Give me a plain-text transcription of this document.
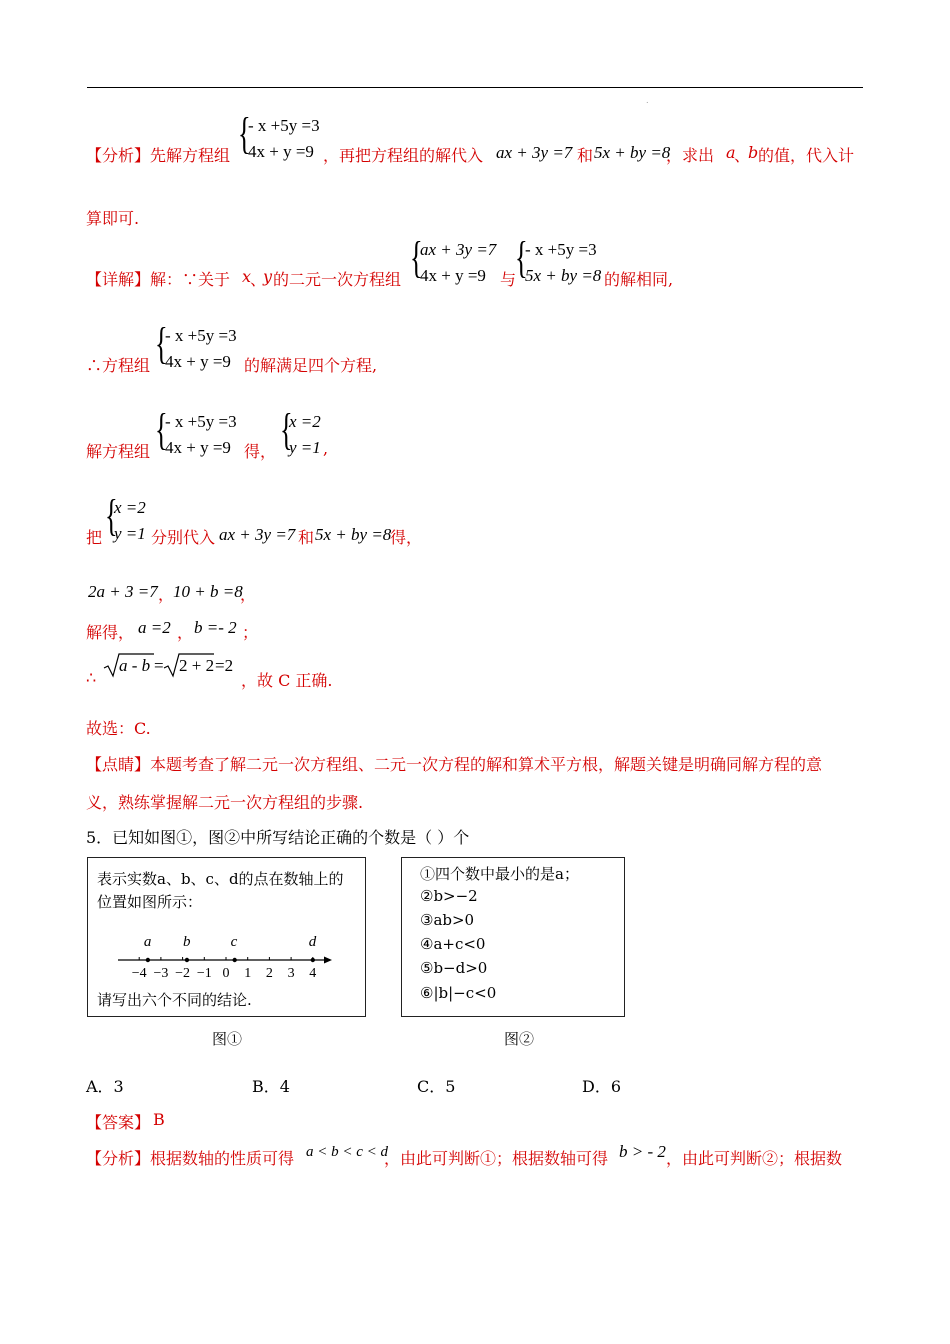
.
【分析】 先解方程组 {
- x +5y =3
4x + y =9 ，再把方程组的解代入 ax + 3y =7 和 5x + by =8
，求出 a
、
b 的值，代入计
算即可.
【详解】 解：∵关于 x
、
y 的二元一次方程组 {
ax + 3y =7
4x + y =9 与
{
- x +5y =3
5x + by =8 的解相同,
∴方程组 {
- x +5y =3
4x + y =9 的解满足四个方程,
解方程组 {
- x +5y =3
4x + y =9 得， {
x =2
y =1 ,
把 {
x =2
y =1 分别代入 ax + 3y =7 和 5x + by =8
得，
2a + 3 =7 ，
10 + b =8
，
解得， a =2 ， b =- 2 ；
∴
a - b = 2 + 2 =2
，故 C 正确.
故选：C.
【点睛】 本题考查了解二元一次方程组、二元一次方程的解和算术平方根，解题关键是明确同解方程的意
义，熟练掌握解二元一次方程组的步骤.
5．已知如图①，图②中所写结论正确的个数是（ ）个
表示实数a、b、c、d的点在数轴上的
位置如图所示：
−4 −3 −2 −1 0 1 2 3 4
请写出六个不同的结论.
a b	c	d
图①
①四个数中最小的是a；
②b>−2
③ab>0
④a+c<0
⑤b−d>0
⑥|b|−c<0
图②
A．3	B．4	C．5	D．6
【答案】 B
【分析】 根据数轴的性质可得 a < b < c < d
，由此可判断①；根据数轴可得 b > - 2 ，由此可判断②；根据数
